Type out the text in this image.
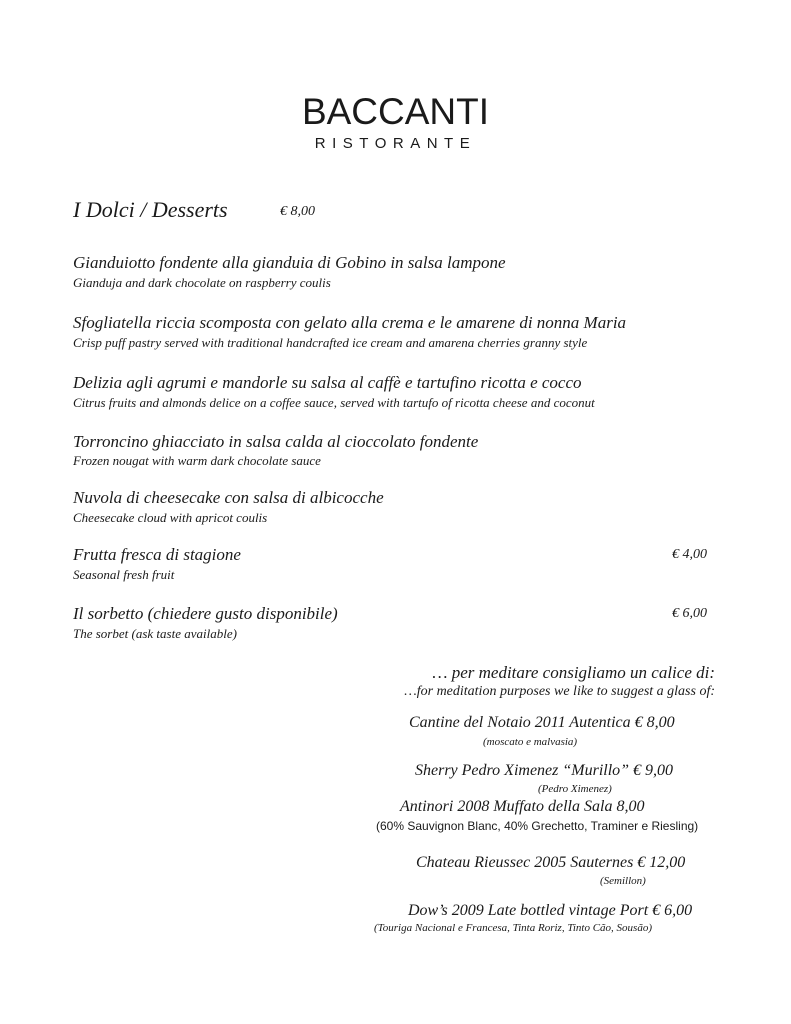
BACCANTI
RISTORANTE
I Dolci / Desserts	€ 8,00
Gianduiotto fondente alla gianduia di Gobino in salsa lampone
Gianduja and dark chocolate on raspberry coulis
Sfogliatella riccia scomposta con gelato alla crema e le amarene di nonna Maria
Crisp puff pastry served with traditional handcrafted ice cream and amarena cherries granny style
Delizia agli agrumi e mandorle su salsa al caffè e tartufino ricotta e cocco
Citrus fruits and almonds delice on a coffee sauce, served with tartufo of ricotta cheese and coconut
Torroncino ghiacciato in salsa calda al cioccolato fondente
Frozen nougat with warm dark chocolate sauce
Nuvola di cheesecake con salsa di albicocche
Cheesecake cloud with apricot coulis
Frutta fresca di stagione	€ 4,00
Seasonal fresh fruit
Il sorbetto (chiedere gusto disponibile)	€ 6,00
The sorbet (ask taste available)
… per meditare consigliamo un calice di:
…for meditation purposes we like to suggest a glass of:
Cantine del Notaio 2011 Autentica € 8,00
(moscato e malvasia)
Sherry Pedro Ximenez “Murillo” € 9,00
(Pedro Ximenez)
Antinori 2008 Muffato della Sala 8,00
(60% Sauvignon Blanc, 40% Grechetto, Traminer e Riesling)
Chateau Rieussec 2005 Sauternes € 12,00
(Semillon)
Dow’s 2009 Late bottled vintage Port € 6,00
(Touriga Nacional e Francesa, Tinta Roriz, Tinto Cão, Sousão)
